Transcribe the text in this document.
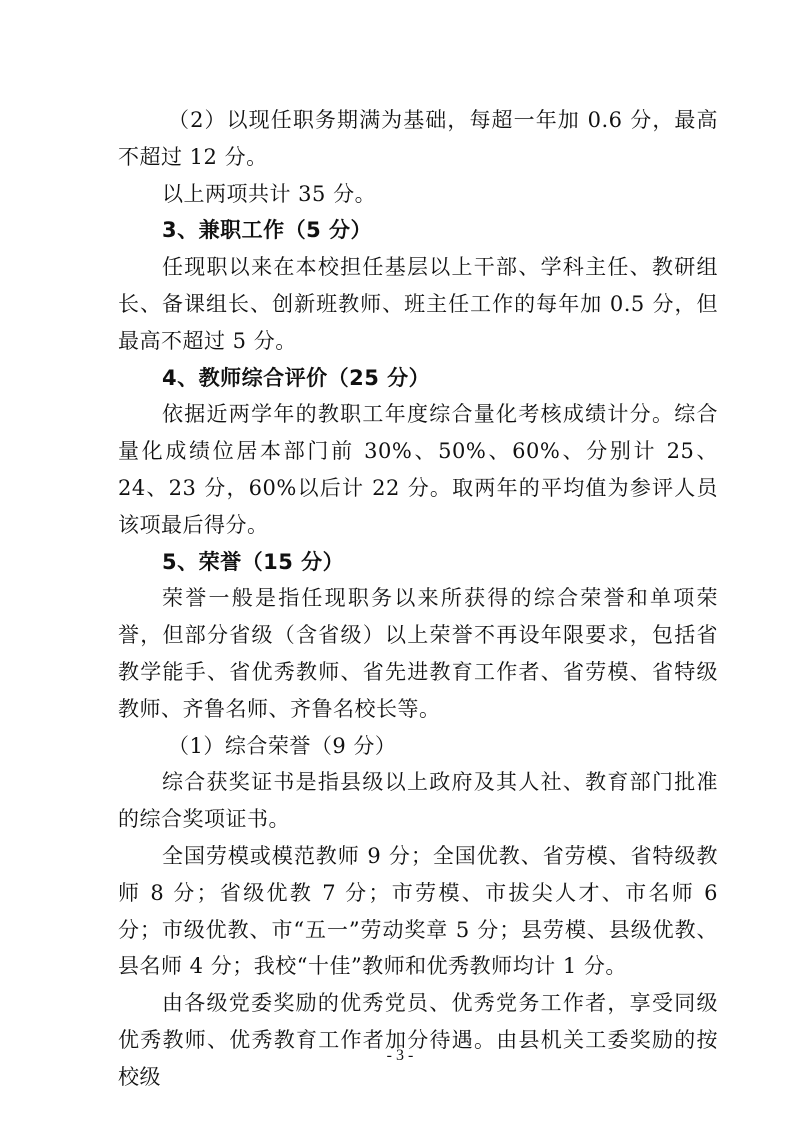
（2）以现任职务期满为基础，每超一年加 0.6 分，最高不超过 12 分。

以上两项共计 35 分。

3、兼职工作（5 分）

任现职以来在本校担任基层以上干部、学科主任、教研组长、备课组长、创新班教师、班主任工作的每年加 0.5 分，但最高不超过 5 分。

4、教师综合评价（25 分）

依据近两学年的教职工年度综合量化考核成绩计分。综合量化成绩位居本部门前 30%、50%、60%、分别计 25、24、23 分，60%以后计 22 分。取两年的平均值为参评人员该项最后得分。

5、荣誉（15 分）

荣誉一般是指任现职务以来所获得的综合荣誉和单项荣誉，但部分省级（含省级）以上荣誉不再设年限要求，包括省教学能手、省优秀教师、省先进教育工作者、省劳模、省特级教师、齐鲁名师、齐鲁名校长等。

（1）综合荣誉（9 分）

综合获奖证书是指县级以上政府及其人社、教育部门批准的综合奖项证书。

全国劳模或模范教师 9 分；全国优教、省劳模、省特级教师 8 分；省级优教 7 分；市劳模、市拔尖人才、市名师 6 分；市级优教、市“五一”劳动奖章 5 分；县劳模、县级优教、县名师 4 分；我校“十佳”教师和优秀教师均计 1 分。

由各级党委奖励的优秀党员、优秀党务工作者，享受同级优秀教师、优秀教育工作者加分待遇。由县机关工委奖励的按校级

- 3 -
